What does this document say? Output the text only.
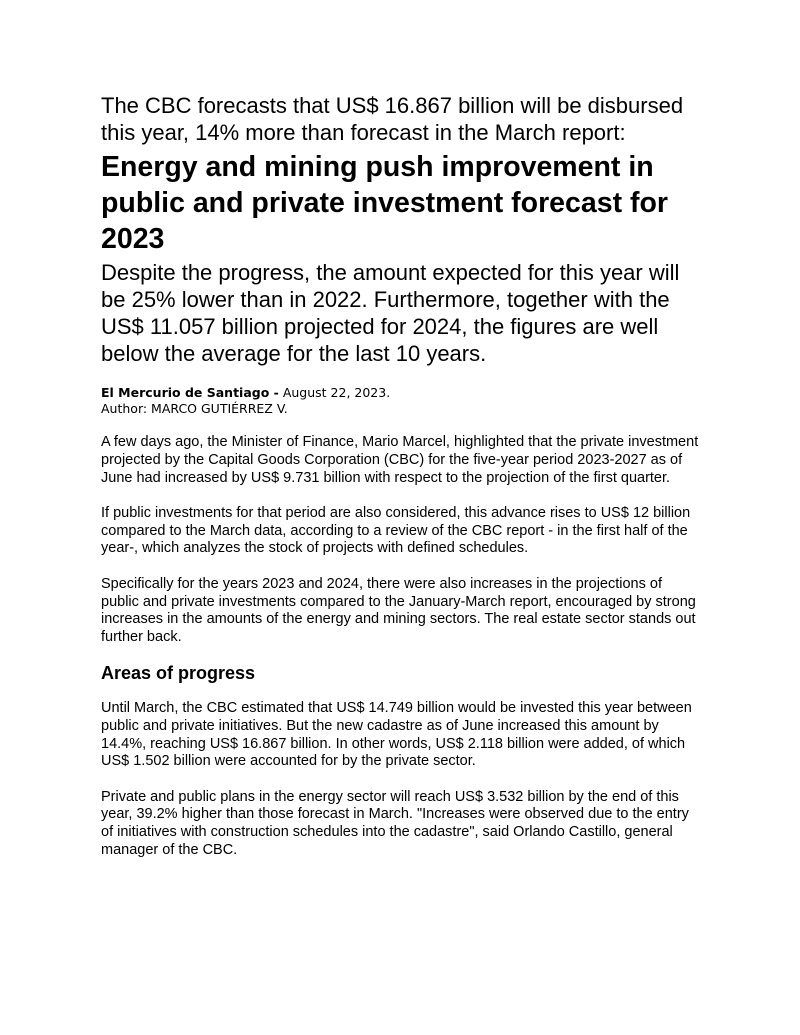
The CBC forecasts that US$ 16.867 billion will be disbursed this year, 14% more than forecast in the March report:

Energy and mining push improvement in public and private investment forecast for 2023

Despite the progress, the amount expected for this year will be 25% lower than in 2022. Furthermore, together with the US$ 11.057 billion projected for 2024, the figures are well below the average for the last 10 years.

El Mercurio de Santiago - August 22, 2023.
Author: MARCO GUTIÉRREZ V.

A few days ago, the Minister of Finance, Mario Marcel, highlighted that the private investment projected by the Capital Goods Corporation (CBC) for the five-year period 2023-2027 as of June had increased by US$ 9.731 billion with respect to the projection of the first quarter.

If public investments for that period are also considered, this advance rises to US$ 12 billion compared to the March data, according to a review of the CBC report - in the first half of the year-, which analyzes the stock of projects with defined schedules.

Specifically for the years 2023 and 2024, there were also increases in the projections of public and private investments compared to the January-March report, encouraged by strong increases in the amounts of the energy and mining sectors. The real estate sector stands out further back.

Areas of progress

Until March, the CBC estimated that US$ 14.749 billion would be invested this year between public and private initiatives. But the new cadastre as of June increased this amount by 14.4%, reaching US$ 16.867 billion. In other words, US$ 2.118 billion were added, of which US$ 1.502 billion were accounted for by the private sector.

Private and public plans in the energy sector will reach US$ 3.532 billion by the end of this year, 39.2% higher than those forecast in March. "Increases were observed due to the entry of initiatives with construction schedules into the cadastre", said Orlando Castillo, general manager of the CBC.
